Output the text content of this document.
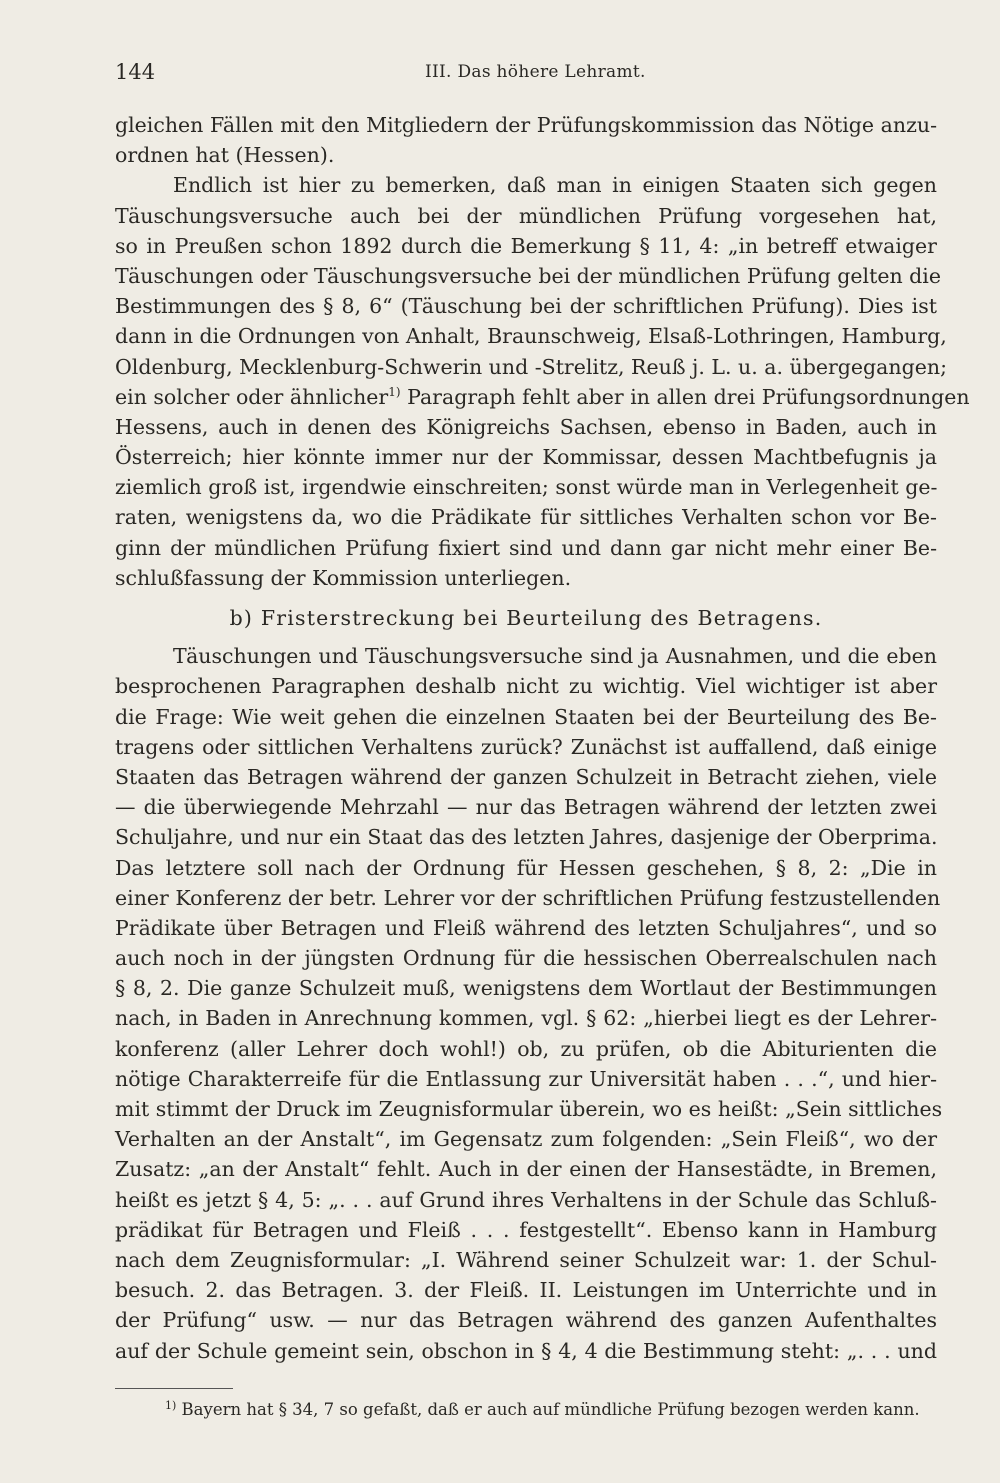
144	III. Das höhere Lehramt.
gleichen Fällen mit den Mitgliedern der Prüfungskommission das Nötige anzu-
ordnen hat (Hessen).
Endlich ist hier zu bemerken, daß man in einigen Staaten sich gegen
Täuschungsversuche auch bei der mündlichen Prüfung vorgesehen hat,
so in Preußen schon 1892 durch die Bemerkung § 11, 4: „in betreff etwaiger
Täuschungen oder Täuschungsversuche bei der mündlichen Prüfung gelten die
Bestimmungen des § 8, 6“ (Täuschung bei der schriftlichen Prüfung). Dies ist
dann in die Ordnungen von Anhalt, Braunschweig, Elsaß-Lothringen, Hamburg,
Oldenburg, Mecklenburg-Schwerin und -Strelitz, Reuß j. L. u. a. übergegangen;
ein solcher oder ähnlicher$^{1)}$ Paragraph fehlt aber in allen drei Prüfungsordnungen
Hessens, auch in denen des Königreichs Sachsen, ebenso in Baden, auch in
Österreich; hier könnte immer nur der Kommissar, dessen Machtbefugnis ja
ziemlich groß ist, irgendwie einschreiten; sonst würde man in Verlegenheit ge-
raten, wenigstens da, wo die Prädikate für sittliches Verhalten schon vor Be-
ginn der mündlichen Prüfung fixiert sind und dann gar nicht mehr einer Be-
schlußfassung der Kommission unterliegen.
b) Fristerstreckung bei Beurteilung des Betragens.
Täuschungen und Täuschungsversuche sind ja Ausnahmen, und die eben
besprochenen Paragraphen deshalb nicht zu wichtig. Viel wichtiger ist aber
die Frage: Wie weit gehen die einzelnen Staaten bei der Beurteilung des Be-
tragens oder sittlichen Verhaltens zurück? Zunächst ist auffallend, daß einige
Staaten das Betragen während der ganzen Schulzeit in Betracht ziehen, viele
— die überwiegende Mehrzahl — nur das Betragen während der letzten zwei
Schuljahre, und nur ein Staat das des letzten Jahres, dasjenige der Oberprima.
Das letztere soll nach der Ordnung für Hessen geschehen, § 8, 2: „Die in
einer Konferenz der betr. Lehrer vor der schriftlichen Prüfung festzustellenden
Prädikate über Betragen und Fleiß während des letzten Schuljahres“, und so
auch noch in der jüngsten Ordnung für die hessischen Oberrealschulen nach
§ 8, 2. Die ganze Schulzeit muß, wenigstens dem Wortlaut der Bestimmungen
nach, in Baden in Anrechnung kommen, vgl. § 62: „hierbei liegt es der Lehrer-
konferenz (aller Lehrer doch wohl!) ob, zu prüfen, ob die Abiturienten die
nötige Charakterreife für die Entlassung zur Universität haben . . .“, und hier-
mit stimmt der Druck im Zeugnisformular überein, wo es heißt: „Sein sittliches
Verhalten an der Anstalt“, im Gegensatz zum folgenden: „Sein Fleiß“, wo der
Zusatz: „an der Anstalt“ fehlt. Auch in der einen der Hansestädte, in Bremen,
heißt es jetzt § 4, 5: „. . . auf Grund ihres Verhaltens in der Schule das Schluß-
prädikat für Betragen und Fleiß . . . festgestellt“. Ebenso kann in Hamburg
nach dem Zeugnisformular: „I. Während seiner Schulzeit war: 1. der Schul-
besuch. 2. das Betragen. 3. der Fleiß. II. Leistungen im Unterrichte und in
der Prüfung“ usw. — nur das Betragen während des ganzen Aufenthaltes
auf der Schule gemeint sein, obschon in § 4, 4 die Bestimmung steht: „. . . und
$^{1)}$ Bayern hat § 34, 7 so gefaßt, daß er auch auf mündliche Prüfung bezogen werden kann.
